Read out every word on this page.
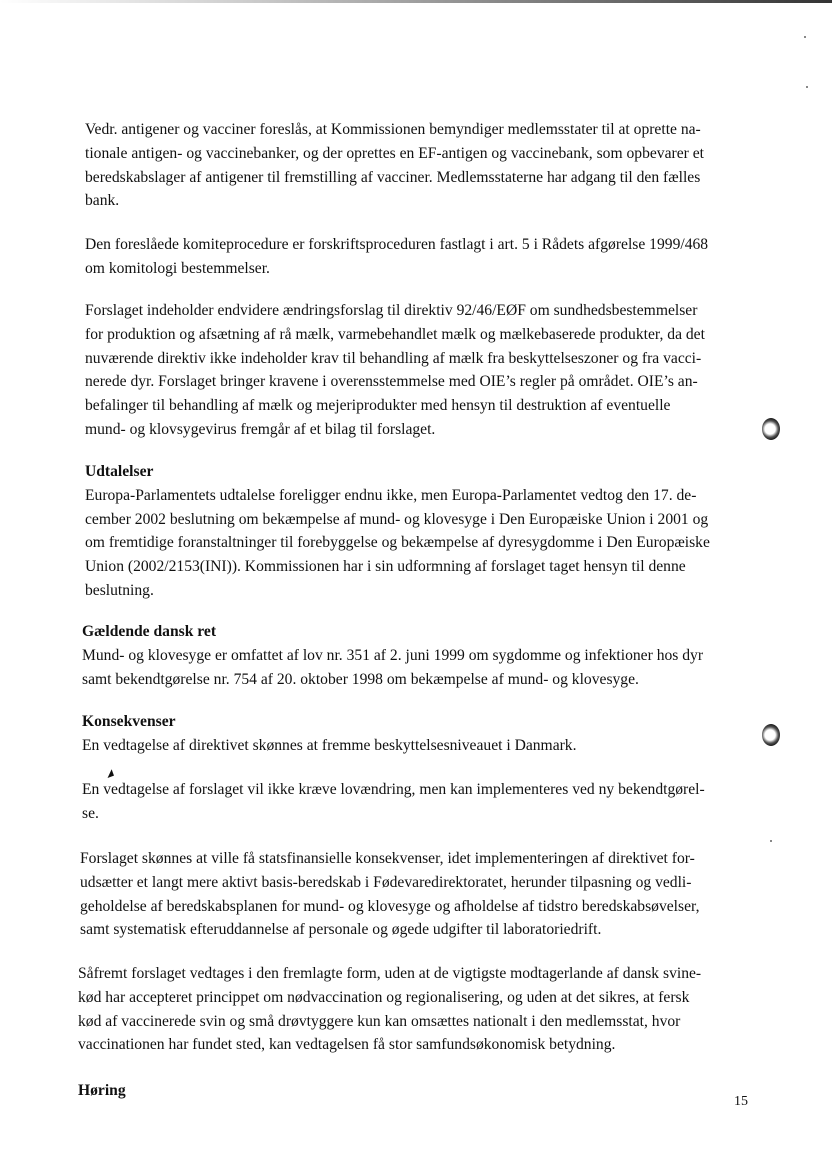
Vedr. antigener og vacciner foreslås, at Kommissionen bemyndiger medlemsstater til at oprette na-
tionale antigen- og vaccinebanker, og der oprettes en EF-antigen og vaccinebank, som opbevarer et
beredskabslager af antigener til fremstilling af vacciner. Medlemsstaterne har adgang til den fælles
bank.
Den foreslåede komiteprocedure er forskriftsproceduren fastlagt i art. 5 i Rådets afgørelse 1999/468
om komitologi bestemmelser.
Forslaget indeholder endvidere ændringsforslag til direktiv 92/46/EØF om sundhedsbestemmelser
for produktion og afsætning af rå mælk, varmebehandlet mælk og mælkebaserede produkter, da det
nuværende direktiv ikke indeholder krav til behandling af mælk fra beskyttelseszoner og fra vacci-
nerede dyr. Forslaget bringer kravene i overensstemmelse med OIE’s regler på området. OIE’s an-
befalinger til behandling af mælk og mejeriprodukter med hensyn til destruktion af eventuelle
mund- og klovsygevirus fremgår af et bilag til forslaget.
Udtalelser
Europa-Parlamentets udtalelse foreligger endnu ikke, men Europa-Parlamentet vedtog den 17. de-
cember 2002 beslutning om bekæmpelse af mund- og klovesyge i Den Europæiske Union i 2001 og
om fremtidige foranstaltninger til forebyggelse og bekæmpelse af dyresygdomme i Den Europæiske
Union (2002/2153(INI)). Kommissionen har i sin udformning af forslaget taget hensyn til denne
beslutning.
Gældende dansk ret
Mund- og klovesyge er omfattet af lov nr. 351 af 2. juni 1999 om sygdomme og infektioner hos dyr
samt bekendtgørelse nr. 754 af 20. oktober 1998 om bekæmpelse af mund- og klovesyge.
Konsekvenser
En vedtagelse af direktivet skønnes at fremme beskyttelsesniveauet i Danmark.
◢
En vedtagelse af forslaget vil ikke kræve lovændring, men kan implementeres ved ny bekendtgørel-
se.
Forslaget skønnes at ville få statsfinansielle konsekvenser, idet implementeringen af direktivet for-
udsætter et langt mere aktivt basis-beredskab i Fødevaredirektoratet, herunder tilpasning og vedli-
geholdelse af beredskabsplanen for mund- og klovesyge og afholdelse af tidstro beredskabsøvelser,
samt systematisk efteruddannelse af personale og øgede udgifter til laboratoriedrift.
Såfremt forslaget vedtages i den fremlagte form, uden at de vigtigste modtagerlande af dansk svine-
kød har accepteret princippet om nødvaccination og regionalisering, og uden at det sikres, at fersk
kød af vaccinerede svin og små drøvtyggere kun kan omsættes nationalt i den medlemsstat, hvor
vaccinationen har fundet sted, kan vedtagelsen få stor samfundsøkonomisk betydning.
Høring
15
